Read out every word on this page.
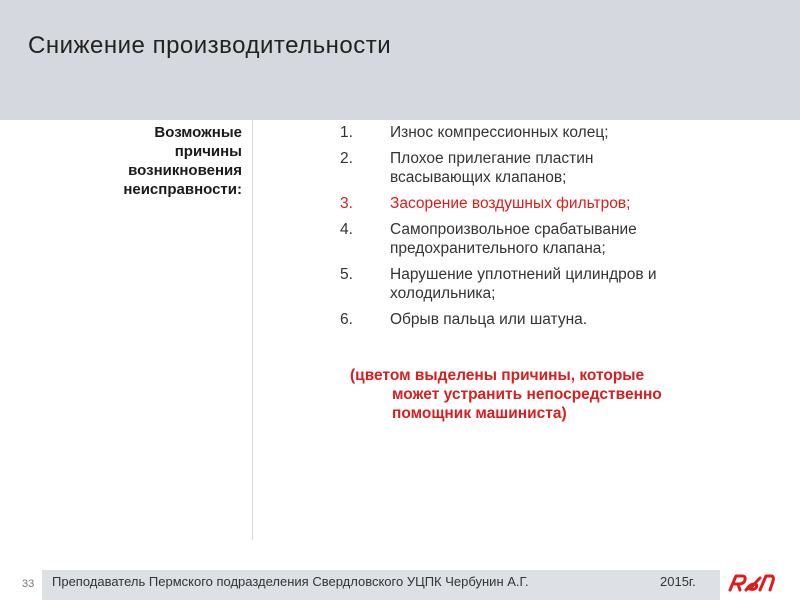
Снижение производительности
Возможные
причины
возникновения
неисправности:
1.	Износ компрессионных колец;
2.	Плохое прилегание пластин
всасывающих клапанов;
3.	Засорение воздушных фильтров;
4.	Самопроизвольное срабатывание
предохранительного клапана;
5.	Нарушение уплотнений цилиндров и
холодильника;
6.	Обрыв пальца или шатуна.
(цветом выделены причины, которые
может устранить непосредственно
помощник машиниста)
33 Преподаватель Пермского подразделения Свердловского УЦПК Чербунин А.Г.	2015г.
